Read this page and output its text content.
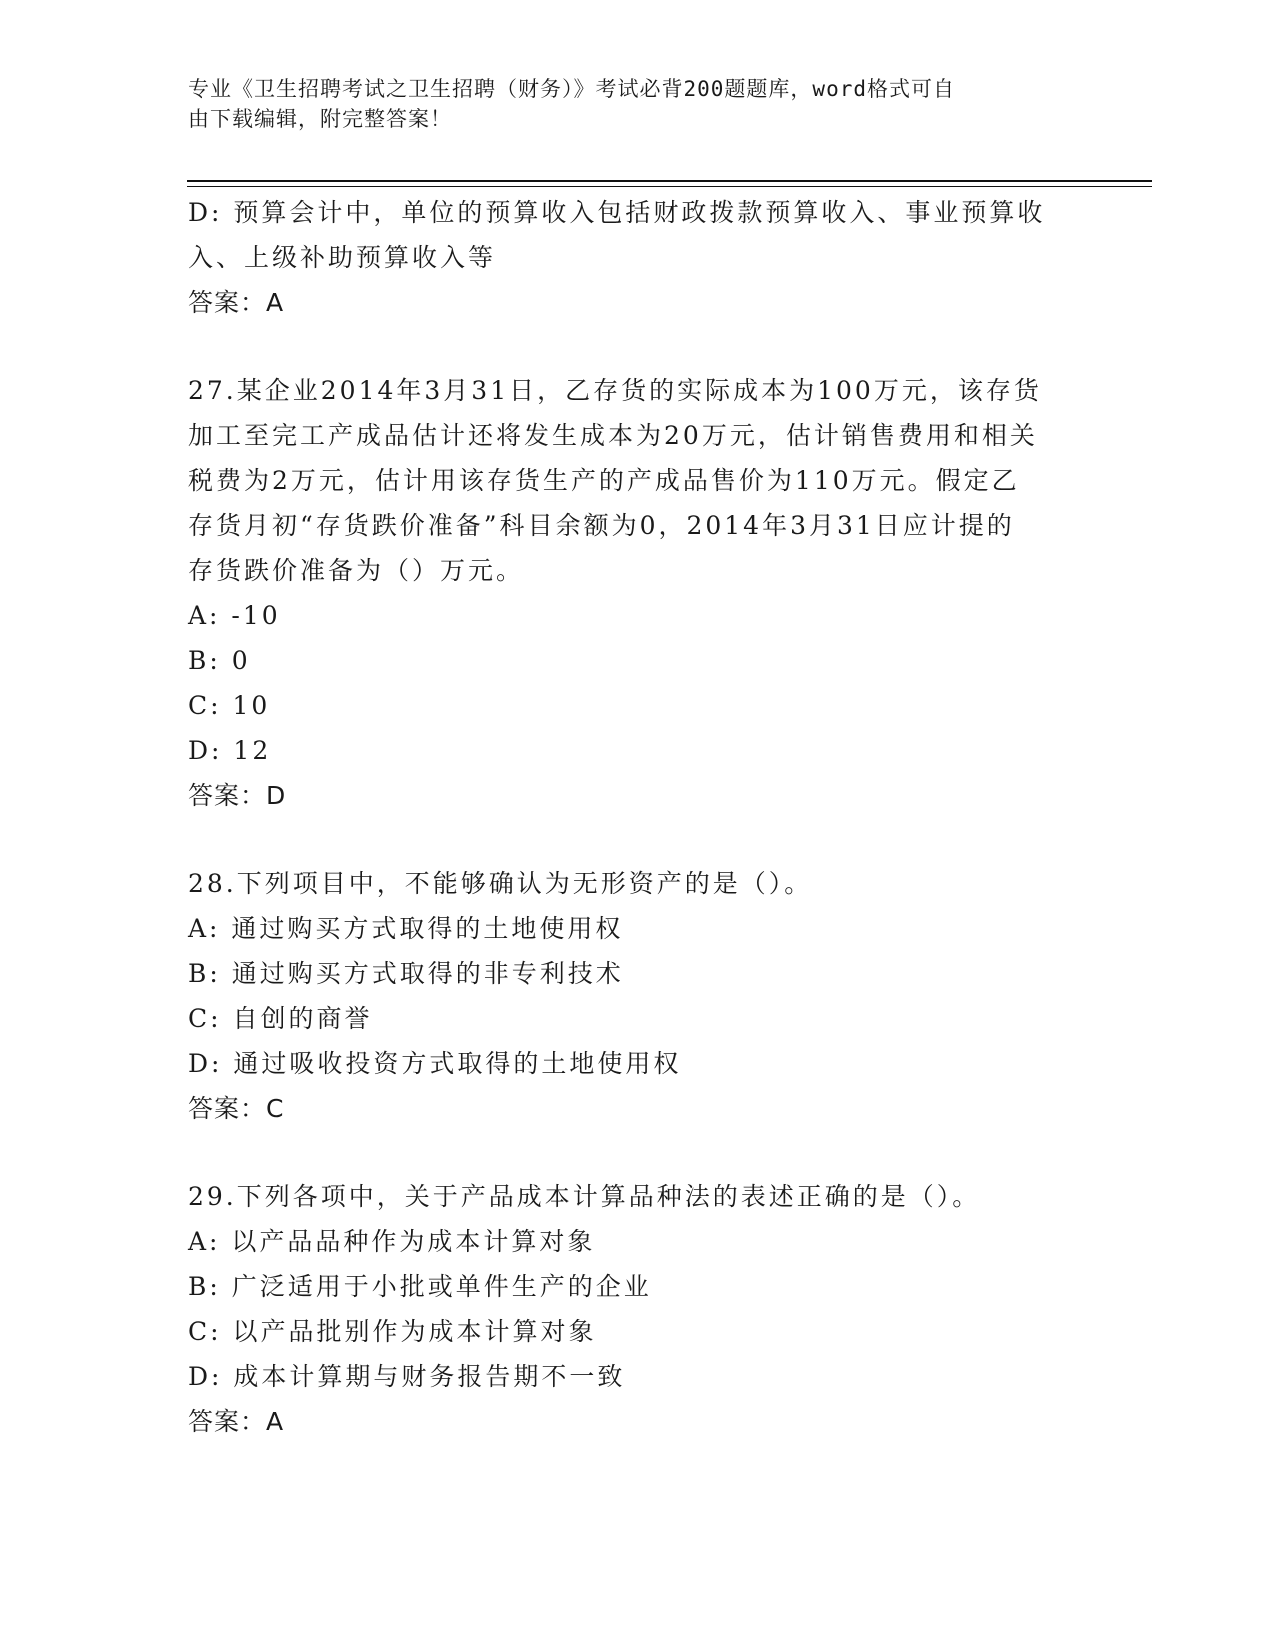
专业《卫生招聘考试之卫生招聘（财务）》考试必背200题题库，word格式可自
由下载编辑，附完整答案！
D: 预算会计中，单位的预算收入包括财政拨款预算收入、事业预算收
入、上级补助预算收入等
答案：A
27.某企业2014年3月31日，乙存货的实际成本为100万元，该存货
加工至完工产成品估计还将发生成本为20万元，估计销售费用和相关
税费为2万元，估计用该存货生产的产成品售价为110万元。假定乙
存货月初“存货跌价准备”科目余额为0，2014年3月31日应计提的
存货跌价准备为（）万元。
A: -10
B: 0
C: 10
D: 12
答案：D
28.下列项目中，不能够确认为无形资产的是（）。
A: 通过购买方式取得的土地使用权
B: 通过购买方式取得的非专利技术
C: 自创的商誉
D: 通过吸收投资方式取得的土地使用权
答案：C
29.下列各项中，关于产品成本计算品种法的表述正确的是（）。
A: 以产品品种作为成本计算对象
B: 广泛适用于小批或单件生产的企业
C: 以产品批别作为成本计算对象
D: 成本计算期与财务报告期不一致
答案：A
